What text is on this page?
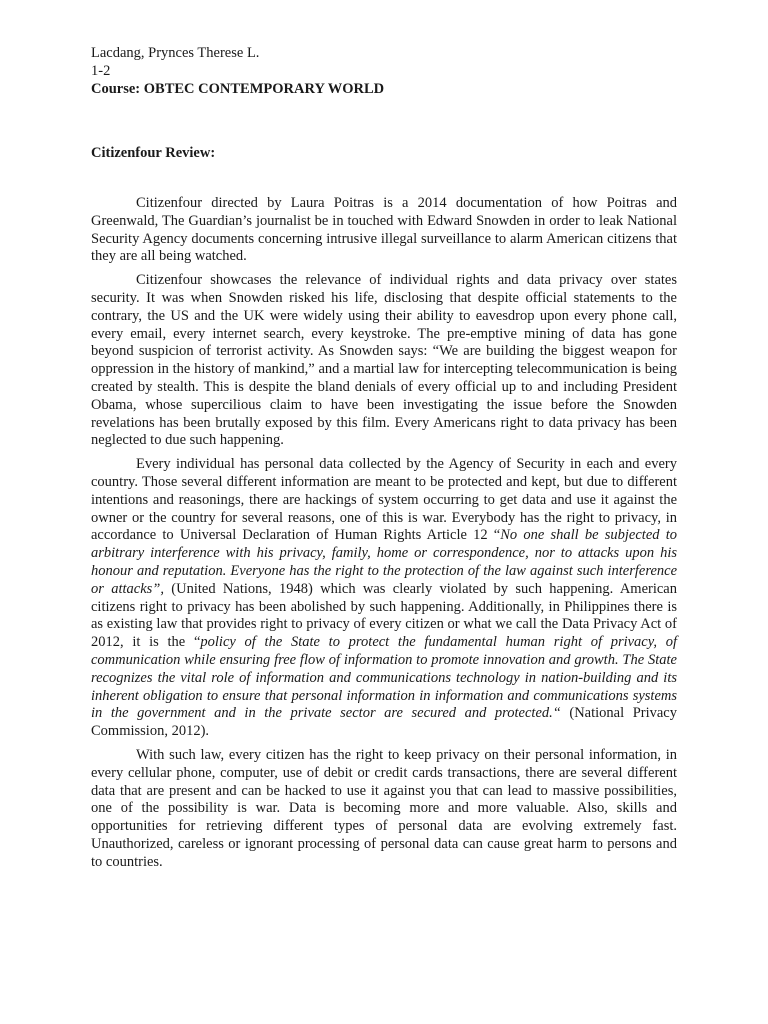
Lacdang, Prynces Therese L.

1-2

Course: OBTEC CONTEMPORARY WORLD

Citizenfour Review:

Citizenfour directed by Laura Poitras is a 2014 documentation of how Poitras and Greenwald, The Guardian’s journalist be in touched with Edward Snowden in order to leak National Security Agency documents concerning intrusive illegal surveillance to alarm American citizens that they are all being watched.

Citizenfour showcases the relevance of individual rights and data privacy over states security. It was when Snowden risked his life, disclosing that despite official statements to the contrary, the US and the UK were widely using their ability to eavesdrop upon every phone call, every email, every internet search, every keystroke. The pre-emptive mining of data has gone beyond suspicion of terrorist activity. As Snowden says: “We are building the biggest weapon for oppression in the history of mankind,” and a martial law for intercepting telecommunication is being created by stealth. This is despite the bland denials of every official up to and including President Obama, whose supercilious claim to have been investigating the issue before the Snowden revelations has been brutally exposed by this film. Every Americans right to data privacy has been neglected to due such happening.

Every individual has personal data collected by the Agency of Security in each and every country. Those several different information are meant to be protected and kept, but due to different intentions and reasonings, there are hackings of system occurring to get data and use it against the owner or the country for several reasons, one of this is war. Everybody has the right to privacy, in accordance to Universal Declaration of Human Rights Article 12 “No one shall be subjected to arbitrary interference with his privacy, family, home or correspondence, nor to attacks upon his honour and reputation. Everyone has the right to the protection of the law against such interference or attacks”, (United Nations, 1948) which was clearly violated by such happening. American citizens right to privacy has been abolished by such happening. Additionally, in Philippines there is as existing law that provides right to privacy of every citizen or what we call the Data Privacy Act of 2012, it is the “policy of the State to protect the fundamental human right of privacy, of communication while ensuring free flow of information to promote innovation and growth. The State recognizes the vital role of information and communications technology in nation-building and its inherent obligation to ensure that personal information in information and communications systems in the government and in the private sector are secured and protected.“ (National Privacy Commission, 2012).

With such law, every citizen has the right to keep privacy on their personal information, in every cellular phone, computer, use of debit or credit cards transactions, there are several different data that are present and can be hacked to use it against you that can lead to massive possibilities, one of the possibility is war. Data is becoming more and more valuable. Also, skills and opportunities for retrieving different types of personal data are evolving extremely fast. Unauthorized, careless or ignorant processing of personal data can cause great harm to persons and to countries.
